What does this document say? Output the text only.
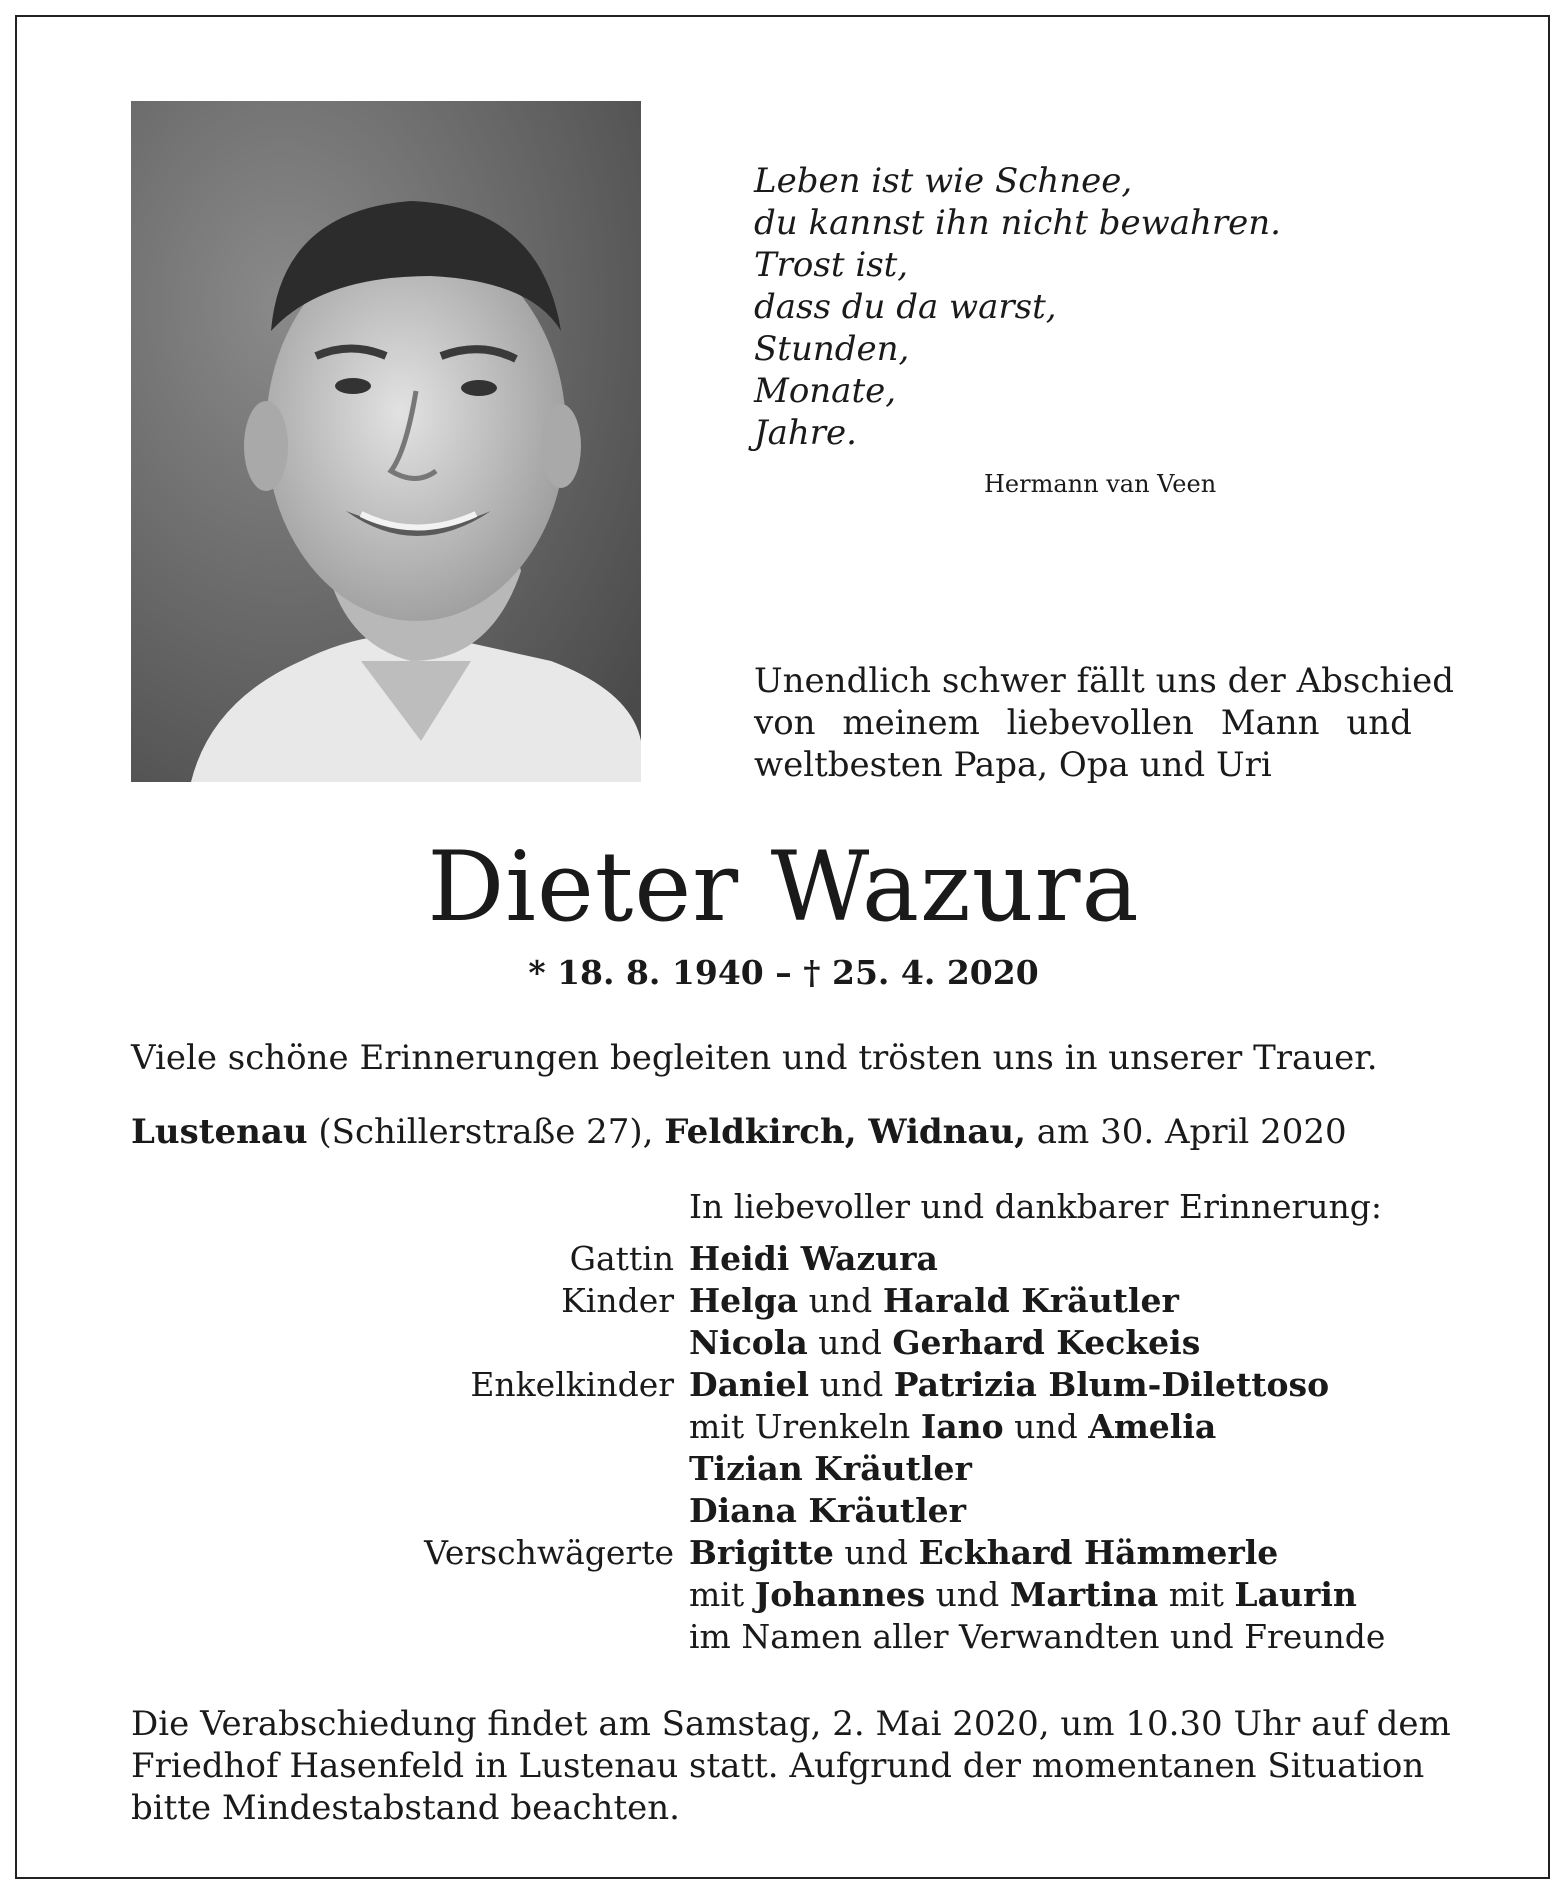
Leben ist wie Schnee,
du kannst ihn nicht bewahren.
Trost ist,
dass du da warst,
Stunden,
Monate,
Jahre.
Hermann van Veen
Unendlich schwer fällt uns der Abschied
von meinem liebevollen Mann und
weltbesten Papa, Opa und Uri
Dieter Wazura
* 18. 8. 1940 – † 25. 4. 2020
Viele schöne Erinnerungen begleiten und trösten uns in unserer Trauer.
Lustenau (Schillerstraße 27), Feldkirch, Widnau, am 30. April 2020
In liebevoller und dankbarer Erinnerung:
Gattin Heidi Wazura
Kinder Helga und Harald Kräutler
Nicola und Gerhard Keckeis
Enkelkinder Daniel und Patrizia Blum-Dilettoso
mit Urenkeln Iano und Amelia
Tizian Kräutler
Diana Kräutler
Verschwägerte Brigitte und Eckhard Hämmerle
mit Johannes und Martina mit Laurin
im Namen aller Verwandten und Freunde
Die Verabschiedung findet am Samstag, 2. Mai 2020, um 10.30 Uhr auf dem
Friedhof Hasenfeld in Lustenau statt. Aufgrund der momentanen Situation
bitte Mindestabstand beachten.
